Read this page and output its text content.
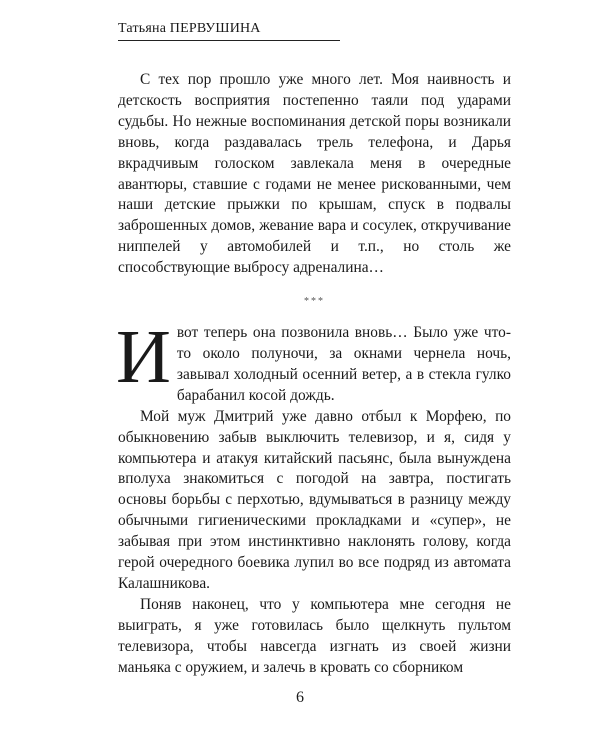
Татьяна ПЕРВУШИНА

С тех пор прошло уже много лет. Моя наивность и детскость восприятия постепенно таяли под ударами судьбы. Но нежные воспоминания детской поры возникали вновь, когда раздавалась трель телефона, и Дарья вкрадчивым голоском завлекала меня в очередные авантюры, ставшие с годами не менее рискованными, чем наши детские прыжки по крышам, спуск в подвалы заброшенных домов, жевание вара и сосулек, откручивание ниппелей у автомобилей и т.п., но столь же способствующие выбросу адреналина…

***

И вот теперь она позвонила вновь… Было уже что-то около полуночи, за окнами чернела ночь, завывал холодный осенний ветер, а в стекла гулко барабанил косой дождь.

Мой муж Дмитрий уже давно отбыл к Морфею, по обыкновению забыв выключить телевизор, и я, сидя у компьютера и атакуя китайский пасьянс, была вынуждена вполуха знакомиться с погодой на завтра, постигать основы борьбы с перхотью, вдумываться в разницу между обычными гигиеническими прокладками и «супер», не забывая при этом инстинктивно наклонять голову, когда герой очередного боевика лупил во все подряд из автомата Калашникова.

Поняв наконец, что у компьютера мне сегодня не выиграть, я уже готовилась было щелкнуть пультом телевизора, чтобы навсегда изгнать из своей жизни маньяка с оружием, и залечь в кровать со сборником

6
